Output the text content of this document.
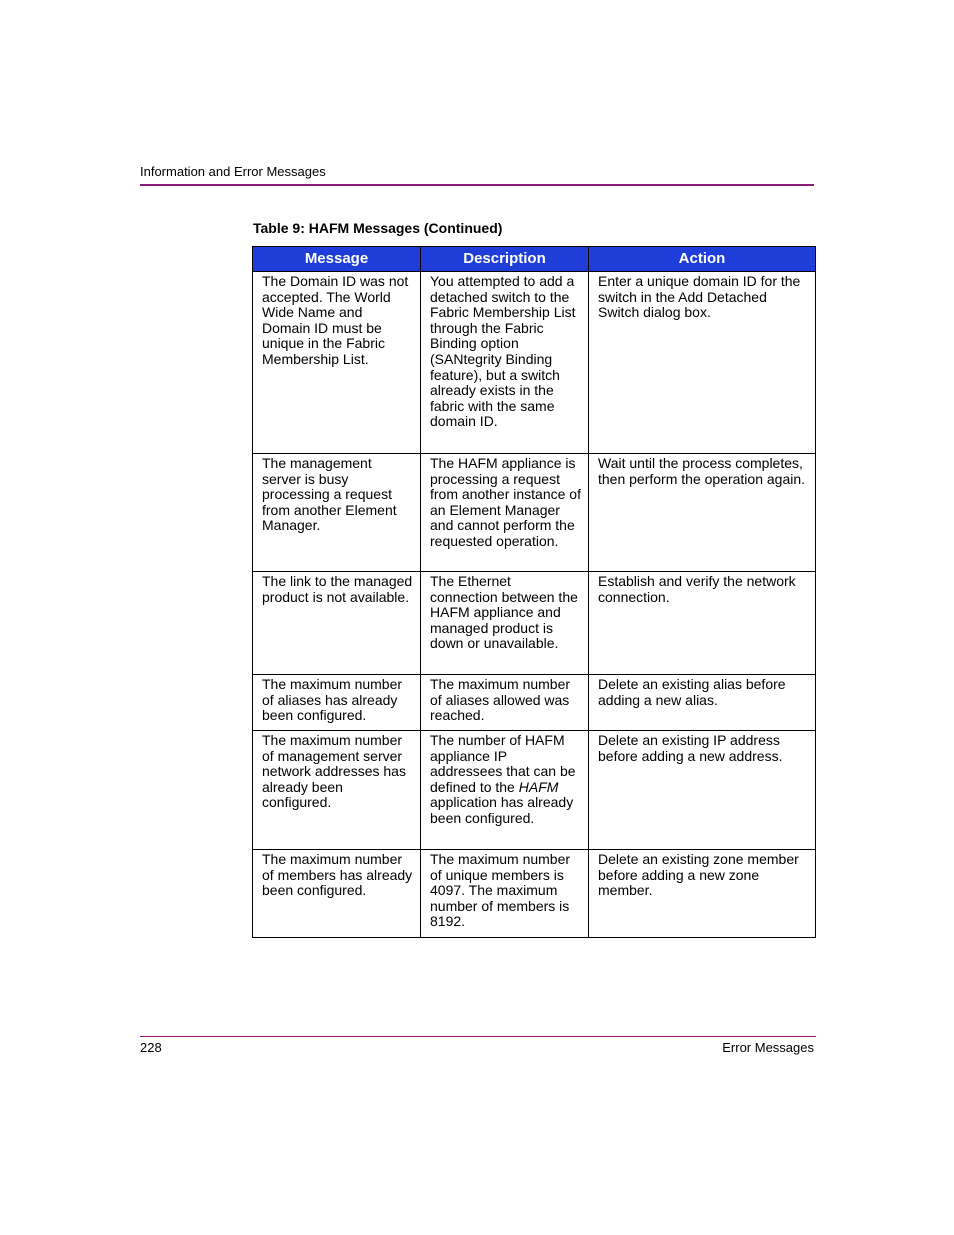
Information and Error Messages
Table 9: HAFM Messages (Continued)
Message	Description	Action

The Domain ID was not accepted. The World Wide Name and Domain ID must be unique in the Fabric Membership List.	You attempted to add a detached switch to the Fabric Membership List through the Fabric Binding option (SANtegrity Binding feature), but a switch already exists in the fabric with the same domain ID.	Enter a unique domain ID for the switch in the Add Detached Switch dialog box.

The management server is busy processing a request from another Element Manager.	The HAFM appliance is processing a request from another instance of an Element Manager and cannot perform the requested operation.	Wait until the process completes, then perform the operation again.

The link to the managed product is not available.	The Ethernet connection between the HAFM appliance and managed product is down or unavailable.	Establish and verify the network connection.

The maximum number of aliases has already been configured.	The maximum number of aliases allowed was reached.	Delete an existing alias before adding a new alias.

The maximum number of management server network addresses has already been configured.	The number of HAFM appliance IP addressees that can be defined to the HAFM application has already been configured.	Delete an existing IP address before adding a new address.

The maximum number of members has already been configured.	The maximum number of unique members is 4097. The maximum number of members is 8192.	Delete an existing zone member before adding a new zone member.
228	Error Messages
